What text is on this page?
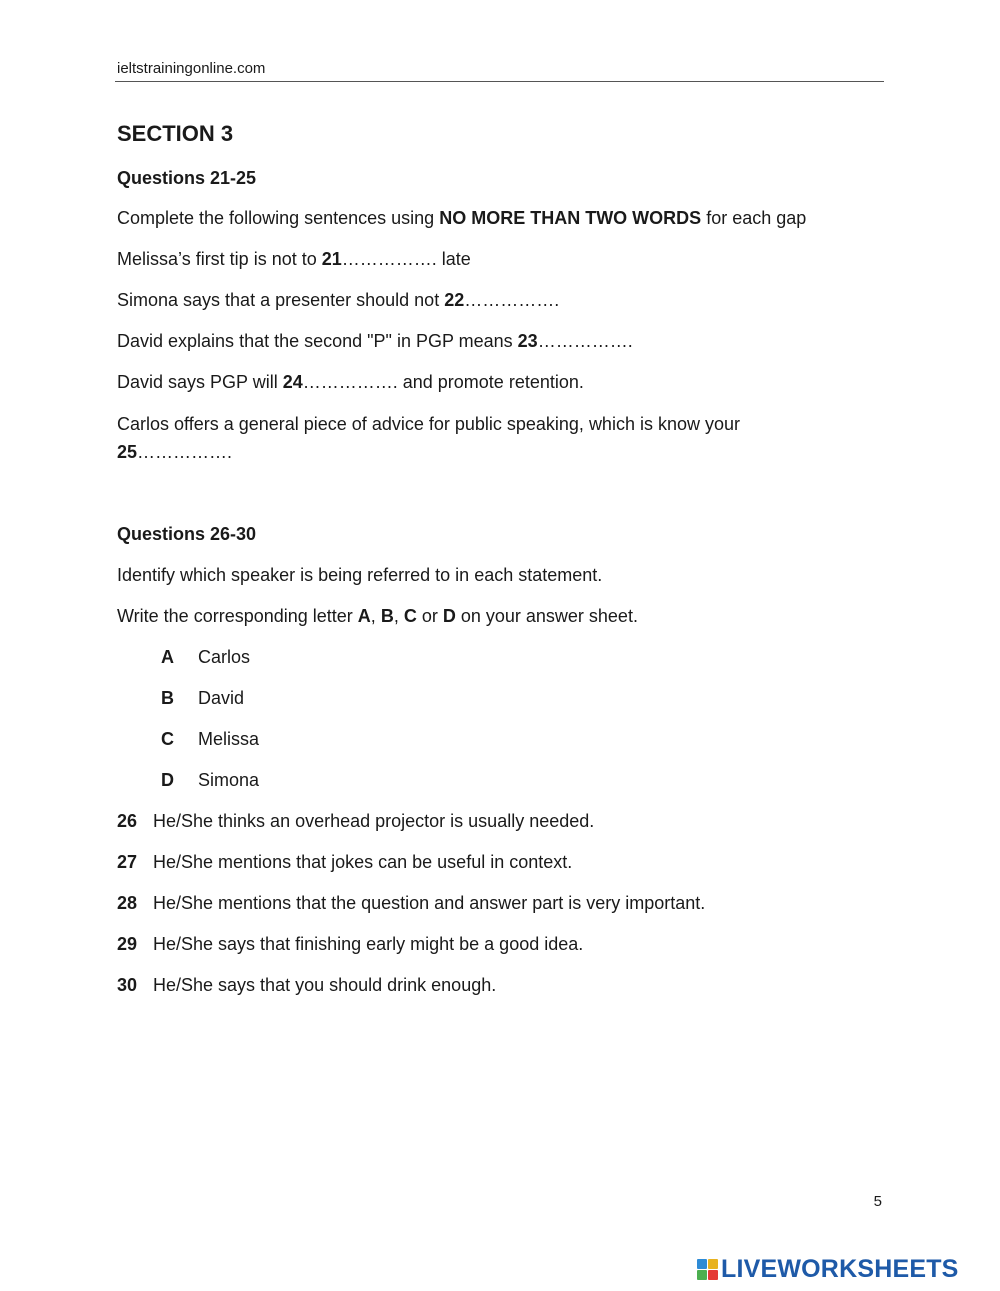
ieltstrainingonline.com
SECTION 3
Questions 21-25
Complete the following sentences using NO MORE THAN TWO WORDS for each gap
Melissa’s first tip is not to 21……………. late
Simona says that a presenter should not 22…………….
David explains that the second "P" in PGP means 23…………….
David says PGP will 24……………. and promote retention.
Carlos offers a general piece of advice for public speaking, which is know your
25…………….
Questions 26-30
Identify which speaker is being referred to in each statement.
Write the corresponding letter A, B, C or D on your answer sheet.
A Carlos
B David
C Melissa
D Simona
26 He/She thinks an overhead projector is usually needed.
27 He/She mentions that jokes can be useful in context.
28 He/She mentions that the question and answer part is very important.
29 He/She says that finishing early might be a good idea.
30 He/She says that you should drink enough.
5
LIVEWORKSHEETS
